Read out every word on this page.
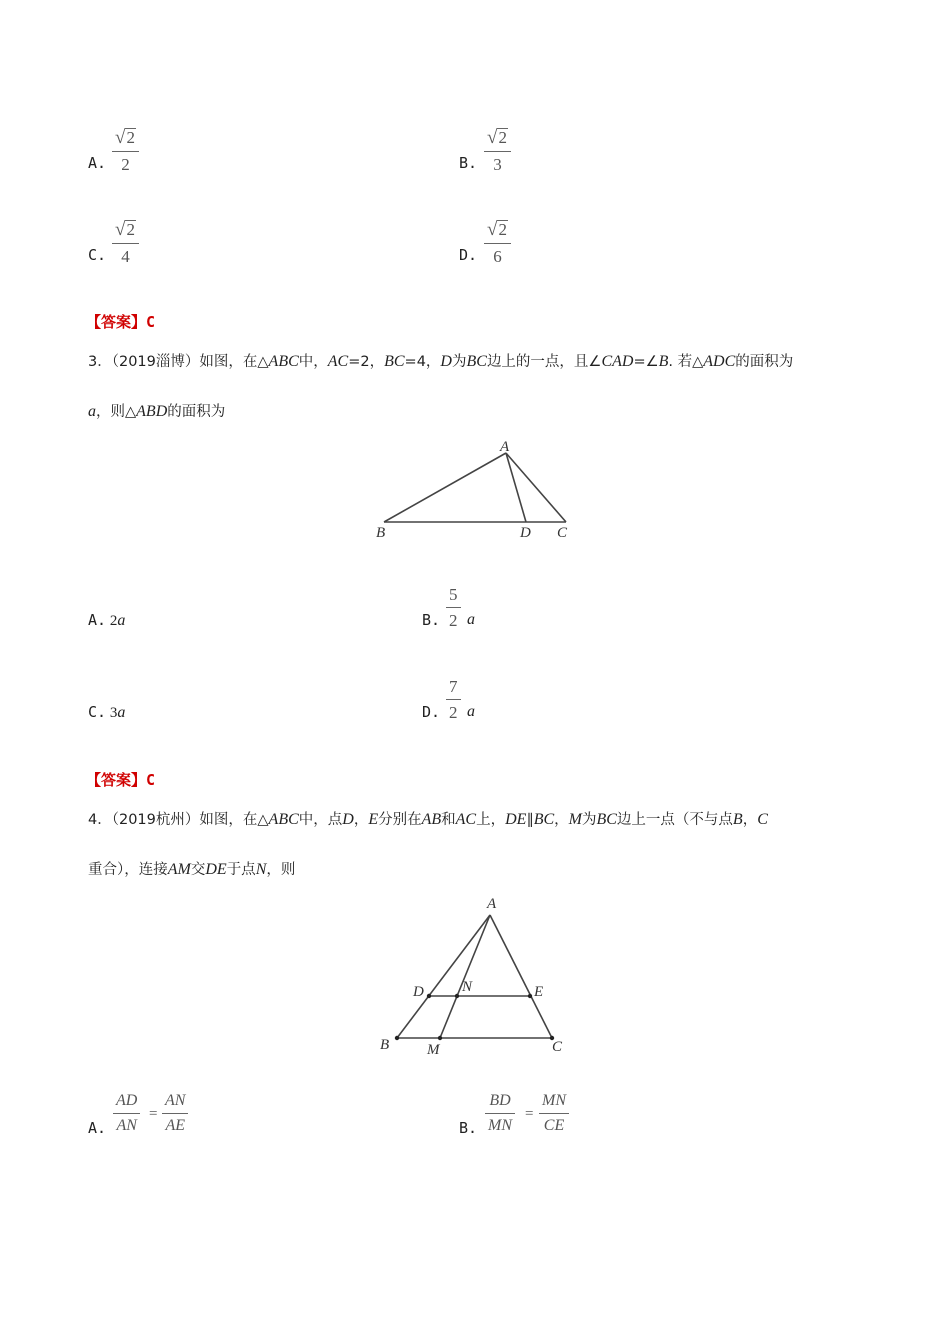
A.
√ 2
2	B.
√ 2
3
C.
√ 2
4	D.
√ 2
6
【答案】C
3．（2019淄博）如图，在△ABC中，AC=2，BC=4，D为BC边上的一点，且∠CAD=∠B. 若△ADC的面积为
a，则△ABD的面积为
A
B	D C
A. 2a	B.
5
2 a
C. 3a	D.
7
2 a
【答案】C
4．（2019杭州）如图，在△ABC中，点D，E分别在AB和AC上，DE∥BC，M为BC边上一点（不与点B，C
重合），连接AM交DE于点N，则
A
D	N	E
B	M	C
A.
AD
AN
=
AN
AE	B.
BD
MN
=
MN
CE
